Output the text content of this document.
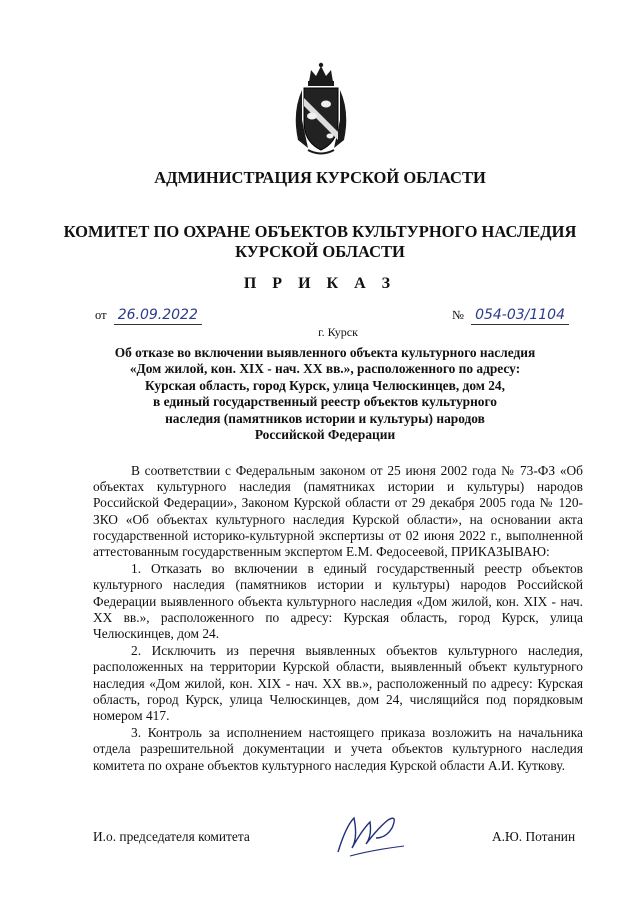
АДМИНИСТРАЦИЯ КУРСКОЙ ОБЛАСТИ
КОМИТЕТ ПО ОХРАНЕ ОБЪЕКТОВ КУЛЬТУРНОГО НАСЛЕДИЯ
КУРСКОЙ ОБЛАСТИ
П Р И К А З
от 26.09.2022	№ 054-03/1104
г. Курск
Об отказе во включении выявленного объекта культурного наследия
«Дом жилой, кон. XIX - нач. XX вв.», расположенного по адресу:
Курская область, город Курск, улица Челюскинцев, дом 24,
в единый государственный реестр объектов культурного
наследия (памятников истории и культуры) народов
Российской Федерации

В соответствии с Федеральным законом от 25 июня 2002 года № 73-ФЗ «Об объектах культурного наследия (памятниках истории и культуры) народов Российской Федерации», Законом Курской области от 29 декабря 2005 года № 120-ЗКО «Об объектах культурного наследия Курской области», на основании акта государственной историко-культурной экспертизы от 02 июня 2022 г., выполненной аттестованным государственным экспертом Е.М. Федосеевой, ПРИКАЗЫВАЮ:

1. Отказать во включении в единый государственный реестр объектов культурного наследия (памятников истории и культуры) народов Российской Федерации выявленного объекта культурного наследия «Дом жилой, кон. XIX - нач. XX вв.», расположенного по адресу: Курская область, город Курск, улица Челюскинцев, дом 24.

2. Исключить из перечня выявленных объектов культурного наследия, расположенных на территории Курской области, выявленный объект культурного наследия «Дом жилой, кон. XIX - нач. XX вв.», расположенный по адресу: Курская область, город Курск, улица Челюскинцев, дом 24, числящийся под порядковым номером 417.

3. Контроль за исполнением настоящего приказа возложить на начальника отдела разрешительной документации и учета объектов культурного наследия комитета по охране объектов культурного наследия Курской области А.И. Куткову.

И.о. председателя комитета	А.Ю. Потанин
